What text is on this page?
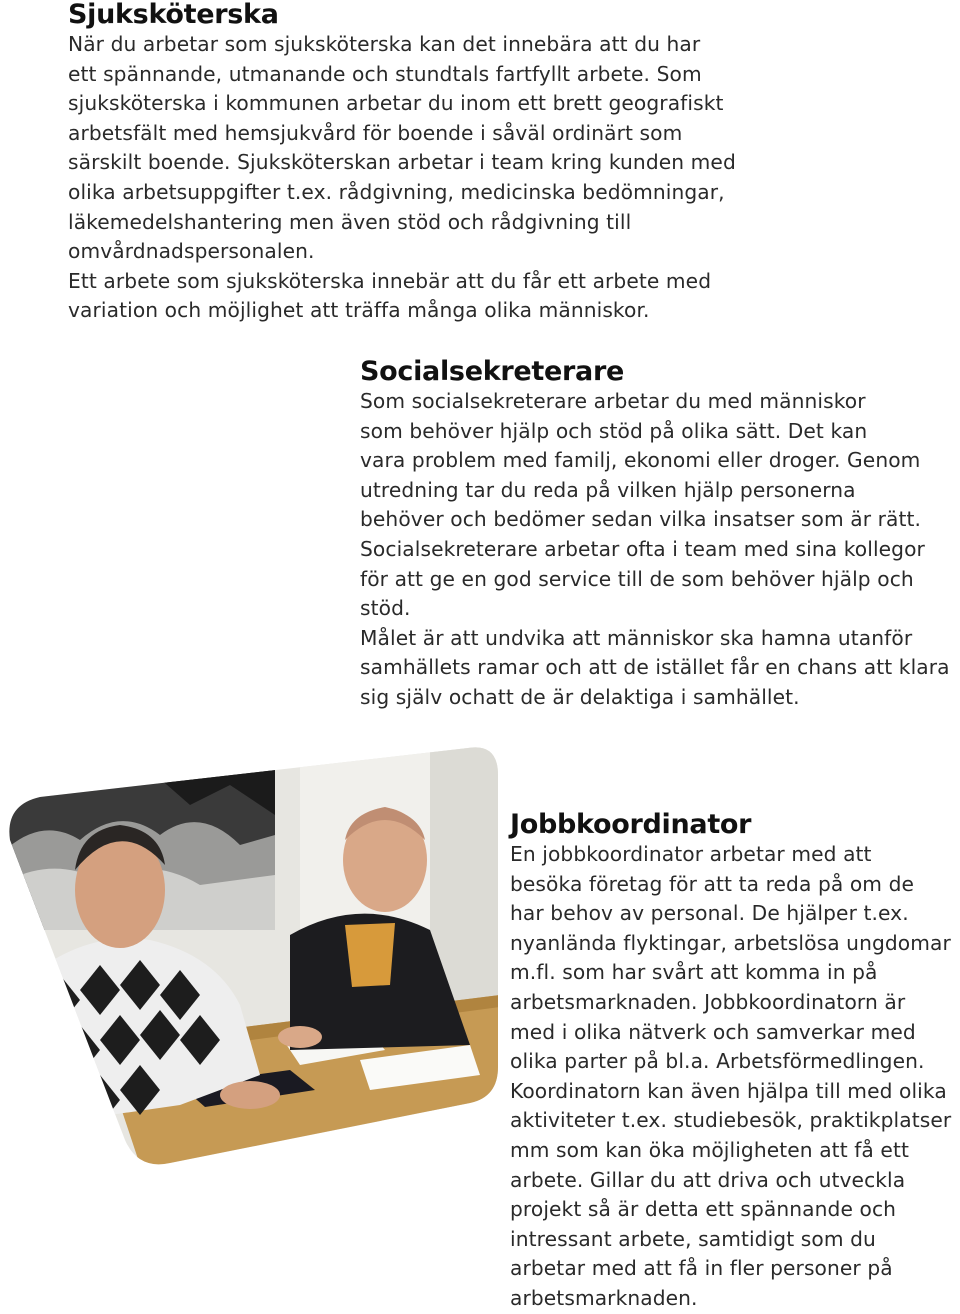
Sjuksköterska

När du arbetar som sjuksköterska kan det innebära att du har
ett spännande, utmanande och stundtals fartfyllt arbete. Som
sjuksköterska i kommunen arbetar du inom ett brett geografiskt
arbetsfält med hemsjukvård för boende i såväl ordinärt som
särskilt boende. Sjuksköterskan arbetar i team kring kunden med
olika arbetsuppgifter t.ex. rådgivning, medicinska bedömningar,
läkemedelshantering men även stöd och rådgivning till
omvårdnadspersonalen.

Ett arbete som sjuksköterska innebär att du får ett arbete med
variation och möjlighet att träffa många olika människor.

Socialsekreterare

Som socialsekreterare arbetar du med människor
som behöver hjälp och stöd på olika sätt. Det kan
vara problem med familj, ekonomi eller droger. Genom
utredning tar du reda på vilken hjälp personerna
behöver och bedömer sedan vilka insatser som är rätt.
Socialsekreterare arbetar ofta i team med sina kollegor
för att ge en god service till de som behöver hjälp och
stöd.

Målet är att undvika att människor ska hamna utanför
samhällets ramar och att de istället får en chans att klara
sig själv ochatt de är delaktiga i samhället.

Jobbkoordinator

En jobbkoordinator arbetar med att
besöka företag för att ta reda på om de
har behov av personal. De hjälper t.ex.
nyanlända flyktingar, arbetslösa ungdomar
m.fl. som har svårt att komma in på
arbetsmarknaden. Jobbkoordinatorn är
med i olika nätverk och samverkar med
olika parter på bl.a. Arbetsförmedlingen.
Koordinatorn kan även hjälpa till med olika
aktiviteter t.ex. studiebesök, praktikplatser
mm som kan öka möjligheten att få ett
arbete. Gillar du att driva och utveckla
projekt så är detta ett spännande och
intressant arbete, samtidigt som du
arbetar med att få in fler personer på
arbetsmarknaden.
